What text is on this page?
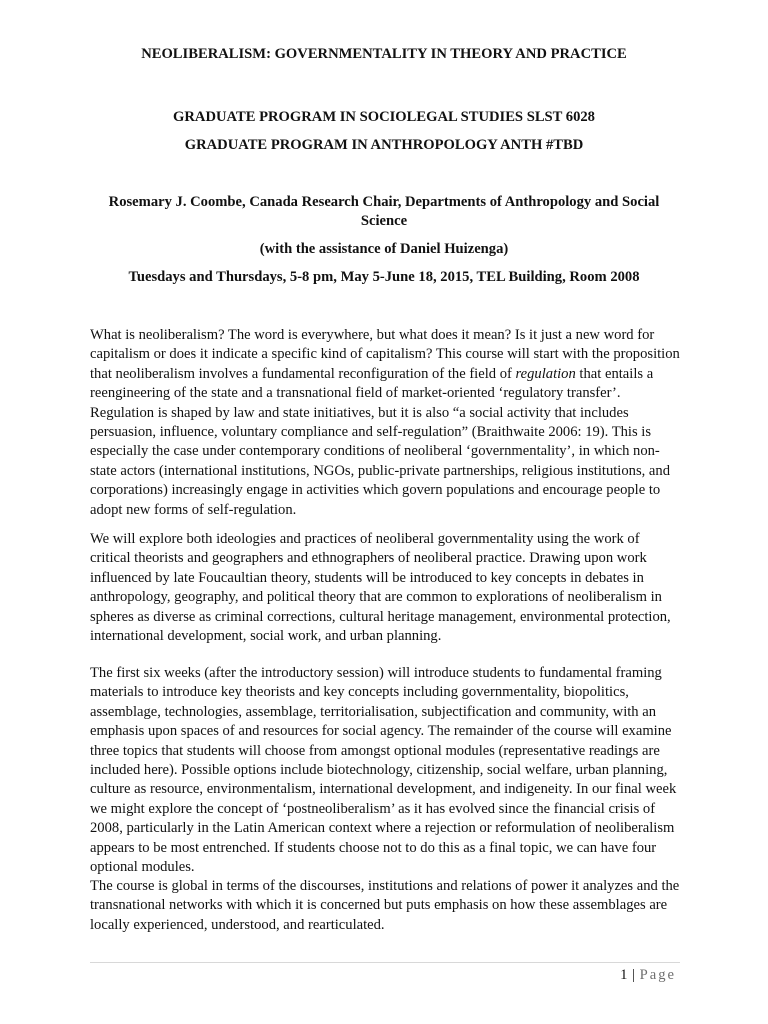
NEOLIBERALISM: GOVERNMENTALITY IN THEORY AND PRACTICE
GRADUATE PROGRAM IN SOCIOLEGAL STUDIES SLST 6028
GRADUATE PROGRAM IN ANTHROPOLOGY ANTH #TBD
Rosemary J. Coombe, Canada Research Chair, Departments of Anthropology and Social Science
(with the assistance of Daniel Huizenga)
Tuesdays and Thursdays, 5-8 pm, May 5-June 18, 2015, TEL Building, Room 2008

What is neoliberalism? The word is everywhere, but what does it mean? Is it just a new word for capitalism or does it indicate a specific kind of capitalism? This course will start with the proposition that neoliberalism involves a fundamental reconfiguration of the field of regulation that entails a reengineering of the state and a transnational field of market-oriented ‘regulatory transfer’. Regulation is shaped by law and state initiatives, but it is also “a social activity that includes persuasion, influence, voluntary compliance and self-regulation” (Braithwaite 2006: 19). This is especially the case under contemporary conditions of neoliberal ‘governmentality’, in which non-state actors (international institutions, NGOs, public-private partnerships, religious institutions, and corporations) increasingly engage in activities which govern populations and encourage people to adopt new forms of self-regulation.

We will explore both ideologies and practices of neoliberal governmentality using the work of critical theorists and geographers and ethnographers of neoliberal practice. Drawing upon work influenced by late Foucaultian theory, students will be introduced to key concepts in debates in anthropology, geography, and political theory that are common to explorations of neoliberalism in spheres as diverse as criminal corrections, cultural heritage management, environmental protection, international development, social work, and urban planning.

The first six weeks (after the introductory session) will introduce students to fundamental framing materials to introduce key theorists and key concepts including governmentality, biopolitics, assemblage, technologies, assemblage, territorialisation, subjectification and community, with an emphasis upon spaces of and resources for social agency. The remainder of the course will examine three topics that students will choose from amongst optional modules (representative readings are included here). Possible options include biotechnology, citizenship, social welfare, urban planning, culture as resource, environmentalism, international development, and indigeneity. In our final week we might explore the concept of ‘postneoliberalism’ as it has evolved since the financial crisis of 2008, particularly in the Latin American context where a rejection or reformulation of neoliberalism appears to be most entrenched. If students choose not to do this as a final topic, we can have four optional modules.

The course is global in terms of the discourses, institutions and relations of power it analyzes and the transnational networks with which it is concerned but puts emphasis on how these assemblages are locally experienced, understood, and rearticulated.

1 | Page
